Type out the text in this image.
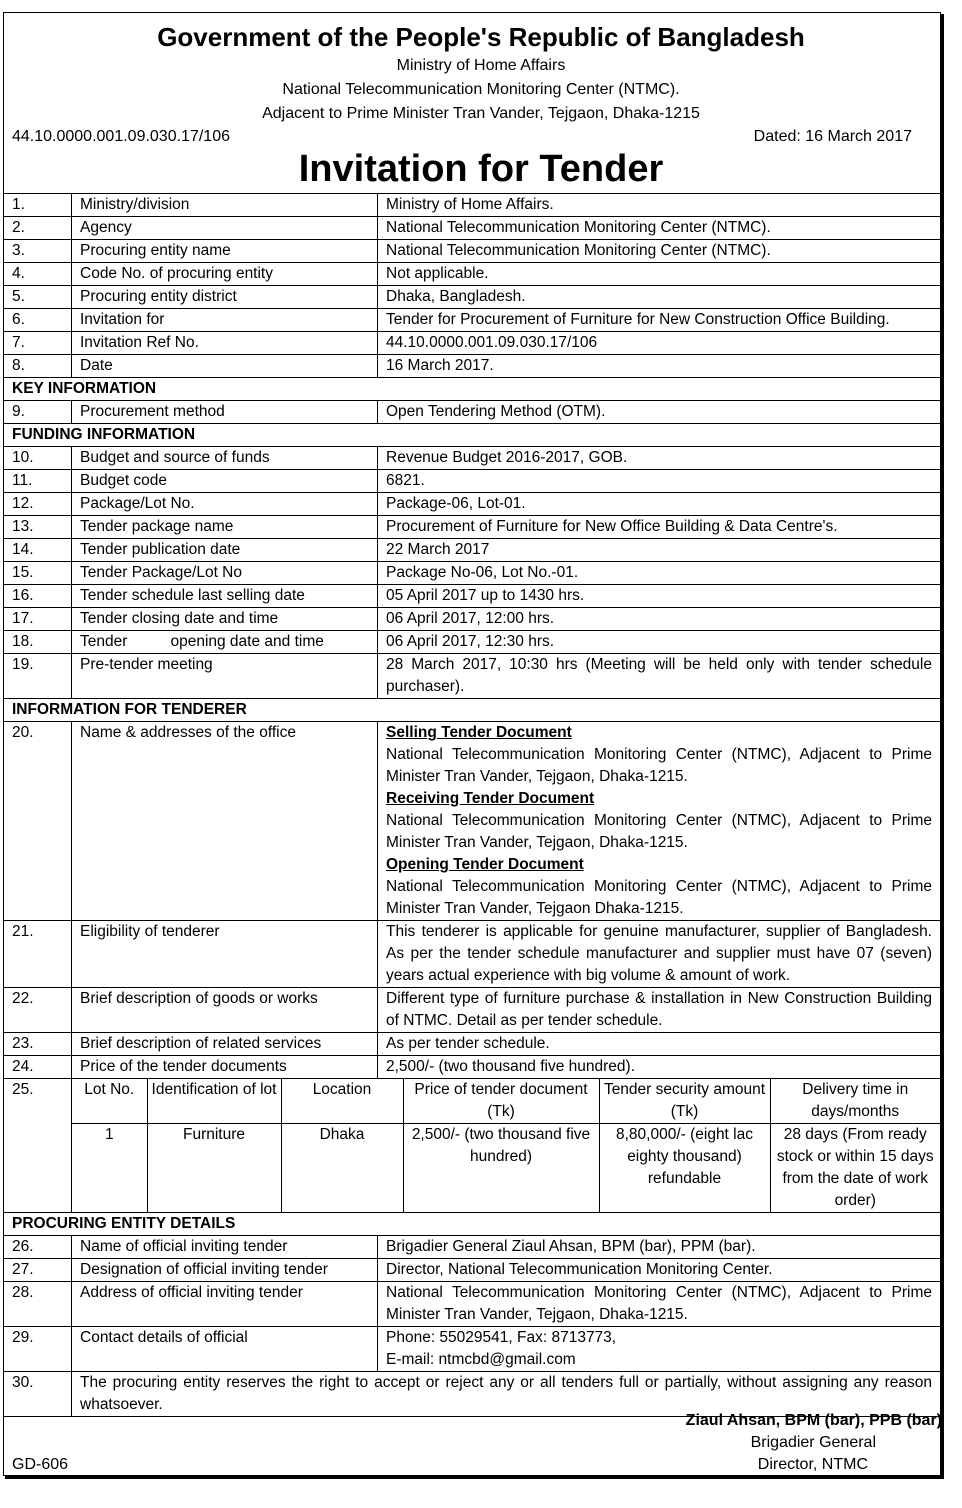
Government of the People's Republic of Bangladesh
Ministry of Home Affairs
National Telecommunication Monitoring Center (NTMC).
Adjacent to Prime Minister Tran Vander, Tejgaon, Dhaka-1215
44.10.0000.001.09.030.17/106	Dated: 16 March 2017
Invitation for Tender
1.	Ministry/division	Ministry of Home Affairs.
2.	Agency	National Telecommunication Monitoring Center (NTMC).
3.	Procuring entity name	National Telecommunication Monitoring Center (NTMC).
4.	Code No. of procuring entity	Not applicable.
5.	Procuring entity district	Dhaka, Bangladesh.
6.	Invitation for	Tender for Procurement of Furniture for New Construction Office Building.
7.	Invitation Ref No.	44.10.0000.001.09.030.17/106
8.	Date	16 March 2017.
KEY INFORMATION
9.	Procurement method	Open Tendering Method (OTM).
FUNDING INFORMATION
10.	Budget and source of funds	Revenue Budget 2016-2017, GOB.
11.	Budget code	6821.
12.	Package/Lot No.	Package-06, Lot-01.
13.	Tender package name	Procurement of Furniture for New Office Building & Data Centre's.
14.	Tender publication date	22 March 2017
15.	Tender Package/Lot No	Package No-06, Lot No.-01.
16.	Tender schedule last selling date	05 April 2017 up to 1430 hrs.
17.	Tender closing date and time	06 April 2017, 12:00 hrs.
18.	Tender          opening date and time	06 April 2017, 12:30 hrs.
19.	Pre-tender meeting	28 March 2017, 10:30 hrs (Meeting will be held only with tender schedule purchaser).
INFORMATION FOR TENDERER
20.	Name & addresses of the office	Selling Tender Document
National Telecommunication Monitoring Center (NTMC), Adjacent to Prime Minister Tran Vander, Tejgaon, Dhaka-1215.
Receiving Tender Document
National Telecommunication Monitoring Center (NTMC), Adjacent to Prime Minister Tran Vander, Tejgaon, Dhaka-1215.
Opening Tender Document
National Telecommunication Monitoring Center (NTMC), Adjacent to Prime Minister Tran Vander, Tejgaon Dhaka-1215.

21.	Eligibility of tenderer	This tenderer is applicable for genuine manufacturer, supplier of Bangladesh. As per the tender schedule manufacturer and supplier must have 07 (seven) years actual experience with big volume & amount of work.
22.	Brief description of goods or works	Different type of furniture purchase & installation in New Construction Building of NTMC. Detail as per tender schedule.
23.	Brief description of related services	As per tender schedule.
24.	Price of the tender documents	2,500/- (two thousand five hundred).
25.		Lot No.	Identification of lot	Location	Price of tender document (Tk)	Tender security amount (Tk)	Delivery time in days/months
1	Furniture	Dhaka	2,500/- (two thousand five hundred)	8,80,000/- (eight lac eighty thousand) refundable	28 days (From ready stock or within 15 days from the date of work order)

PROCURING ENTITY DETAILS
26.	Name of official inviting tender	Brigadier General Ziaul Ahsan, BPM (bar), PPM (bar).
27.	Designation of official inviting tender	Director, National Telecommunication Monitoring Center.
28.	Address of official inviting tender	National Telecommunication Monitoring Center (NTMC), Adjacent to Prime Minister Tran Vander, Tejgaon, Dhaka-1215.
29.	Contact details of official	Phone: 55029541, Fax: 8713773,
E-mail: ntmcbd@gmail.com

30.	The procuring entity reserves the right to accept or reject any or all tenders full or partially, without assigning any reason whatsoever.
Ziaul Ahsan, BPM (bar), PPB (bar)
Brigadier General
Director, NTMC
GD-606
